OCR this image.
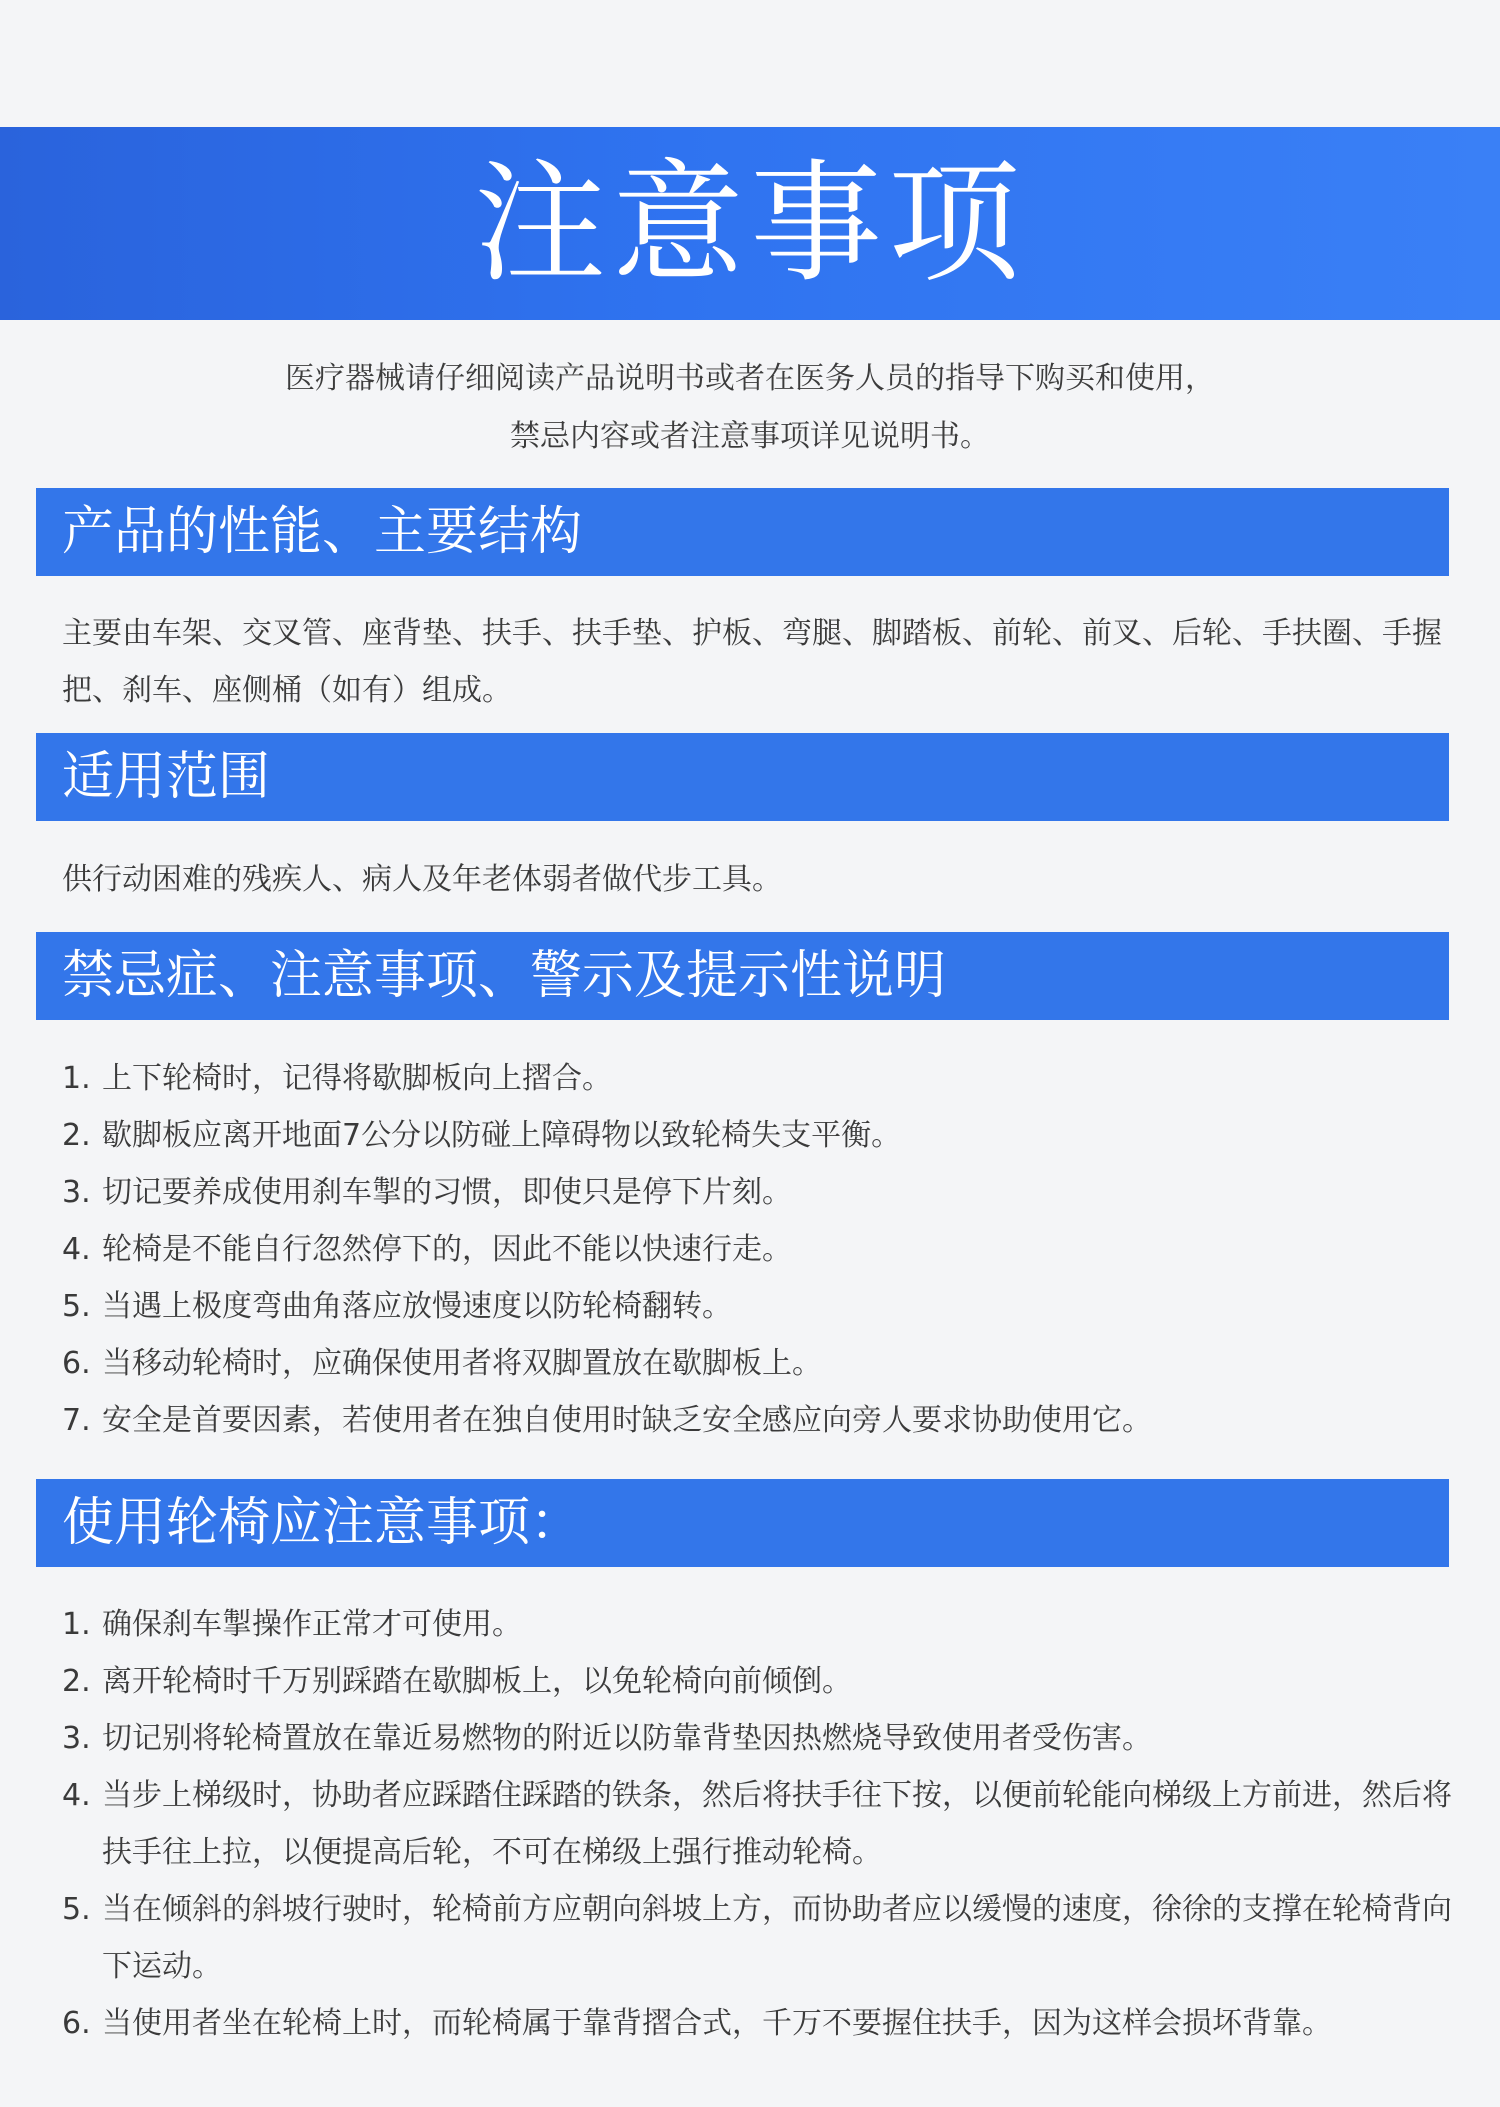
注意事项
医疗器械请仔细阅读产品说明书或者在医务人员的指导下购买和使用，
禁忌内容或者注意事项详见说明书。
产品的性能、主要结构
主要由车架、交叉管、座背垫、扶手、扶手垫、护板、弯腿、脚踏板、前轮、前叉、后轮、手扶圈、手握把、刹车、座侧桶（如有）组成。
适用范围
供行动困难的残疾人、病人及年老体弱者做代步工具。
禁忌症、注意事项、警示及提示性说明
1. 上下轮椅时，记得将歇脚板向上摺合。
2. 歇脚板应离开地面7公分以防碰上障碍物以致轮椅失支平衡。
3. 切记要养成使用刹车掣的习惯，即使只是停下片刻。
4. 轮椅是不能自行忽然停下的，因此不能以快速行走。
5. 当遇上极度弯曲角落应放慢速度以防轮椅翻转。
6. 当移动轮椅时，应确保使用者将双脚置放在歇脚板上。
7. 安全是首要因素，若使用者在独自使用时缺乏安全感应向旁人要求协助使用它。
使用轮椅应注意事项：
1. 确保刹车掣操作正常才可使用。
2. 离开轮椅时千万别踩踏在歇脚板上，以免轮椅向前倾倒。
3. 切记别将轮椅置放在靠近易燃物的附近以防靠背垫因热燃烧导致使用者受伤害。
4. 当步上梯级时，协助者应踩踏住踩踏的铁条，然后将扶手往下按，以便前轮能向梯级上方前进，然后将扶手往上拉，以便提高后轮，不可在梯级上强行推动轮椅。
5. 当在倾斜的斜坡行驶时，轮椅前方应朝向斜坡上方，而协助者应以缓慢的速度，徐徐的支撑在轮椅背向下运动。
6. 当使用者坐在轮椅上时，而轮椅属于靠背摺合式，千万不要握住扶手，因为这样会损坏背靠。
